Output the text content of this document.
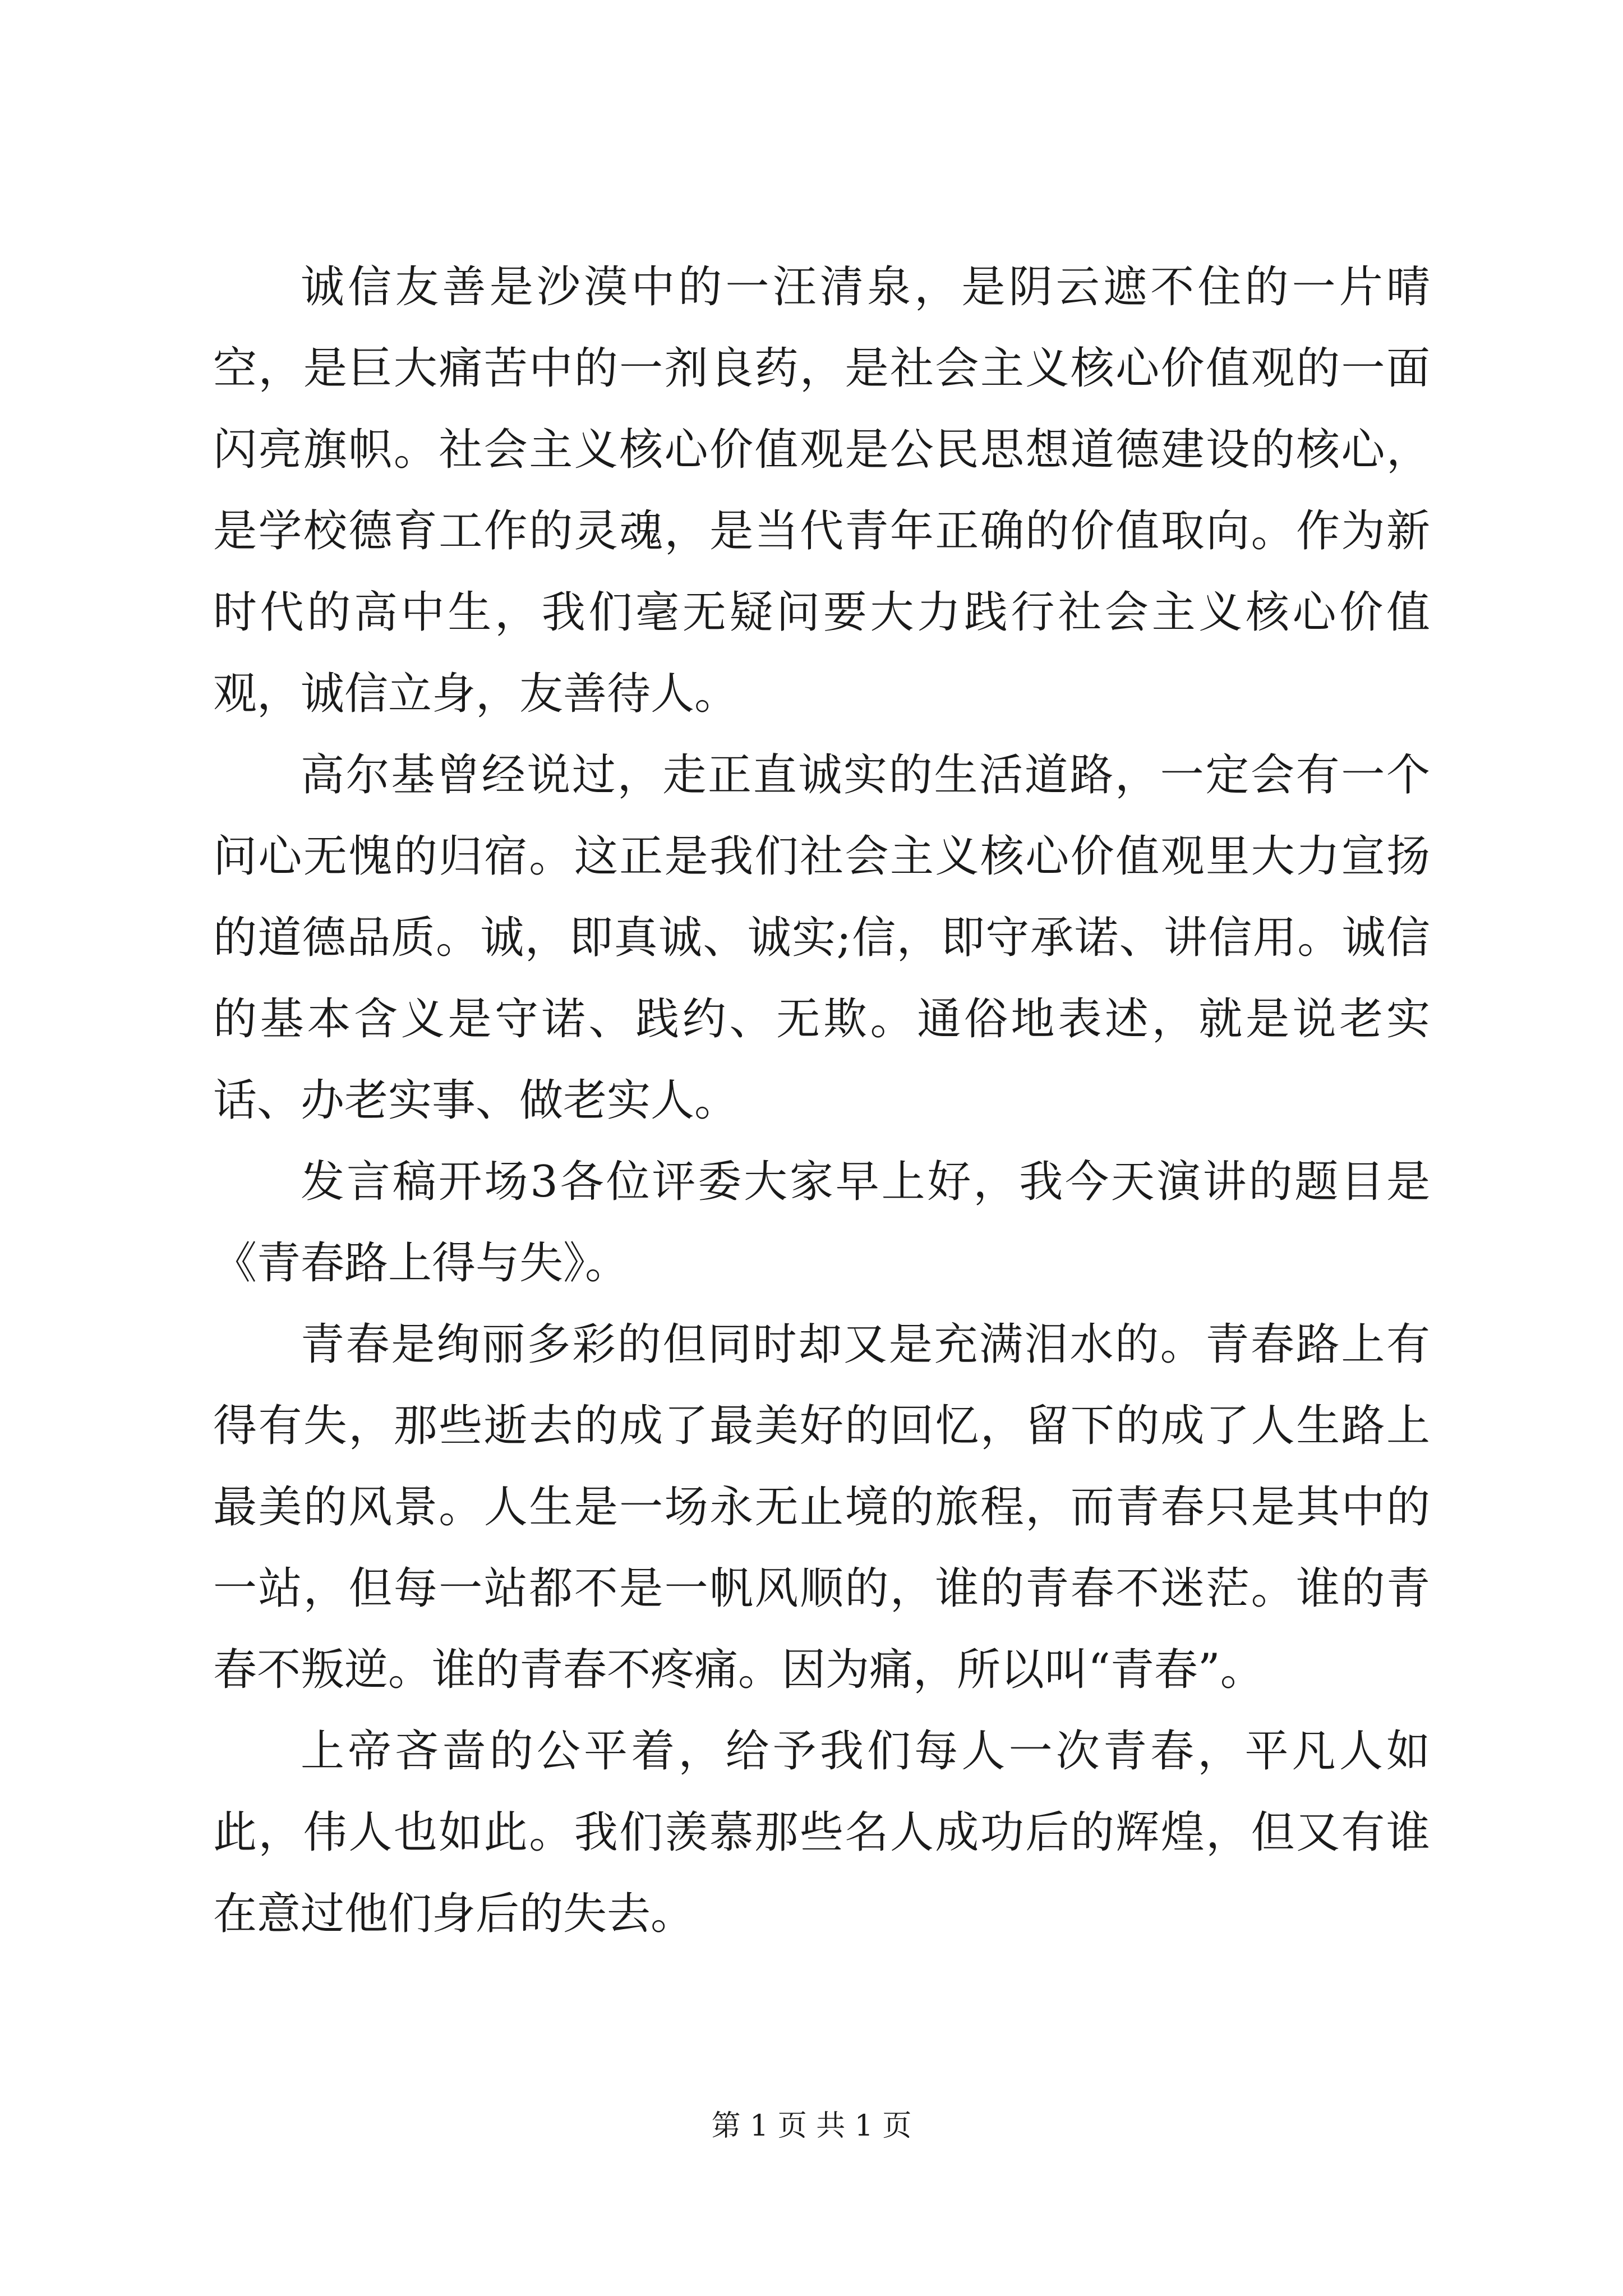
诚信友善是沙漠中的一汪清泉，是阴云遮不住的一片晴空，是巨大痛苦中的一剂良药，是社会主义核心价值观的一面闪亮旗帜。社会主义核心价值观是公民思想道德建设的核心，是学校德育工作的灵魂，是当代青年正确的价值取向。作为新时代的高中生，我们毫无疑问要大力践行社会主义核心价值观，诚信立身，友善待人。

高尔基曾经说过，走正直诚实的生活道路，一定会有一个问心无愧的归宿。这正是我们社会主义核心价值观里大力宣扬的道德品质。诚，即真诚、诚实;信，即守承诺、讲信用。诚信的基本含义是守诺、践约、无欺。通俗地表述，就是说老实话、办老实事、做老实人。

发言稿开场3各位评委大家早上好，我今天演讲的题目是《青春路上得与失》。

青春是绚丽多彩的但同时却又是充满泪水的。青春路上有得有失，那些逝去的成了最美好的回忆，留下的成了人生路上最美的风景。人生是一场永无止境的旅程，而青春只是其中的一站，但每一站都不是一帆风顺的，谁的青春不迷茫。谁的青春不叛逆。谁的青春不疼痛。因为痛，所以叫“青春”。

上帝吝啬的公平着，给予我们每人一次青春，平凡人如此，伟人也如此。我们羡慕那些名人成功后的辉煌，但又有谁在意过他们身后的失去。

第 1 页 共 1 页
